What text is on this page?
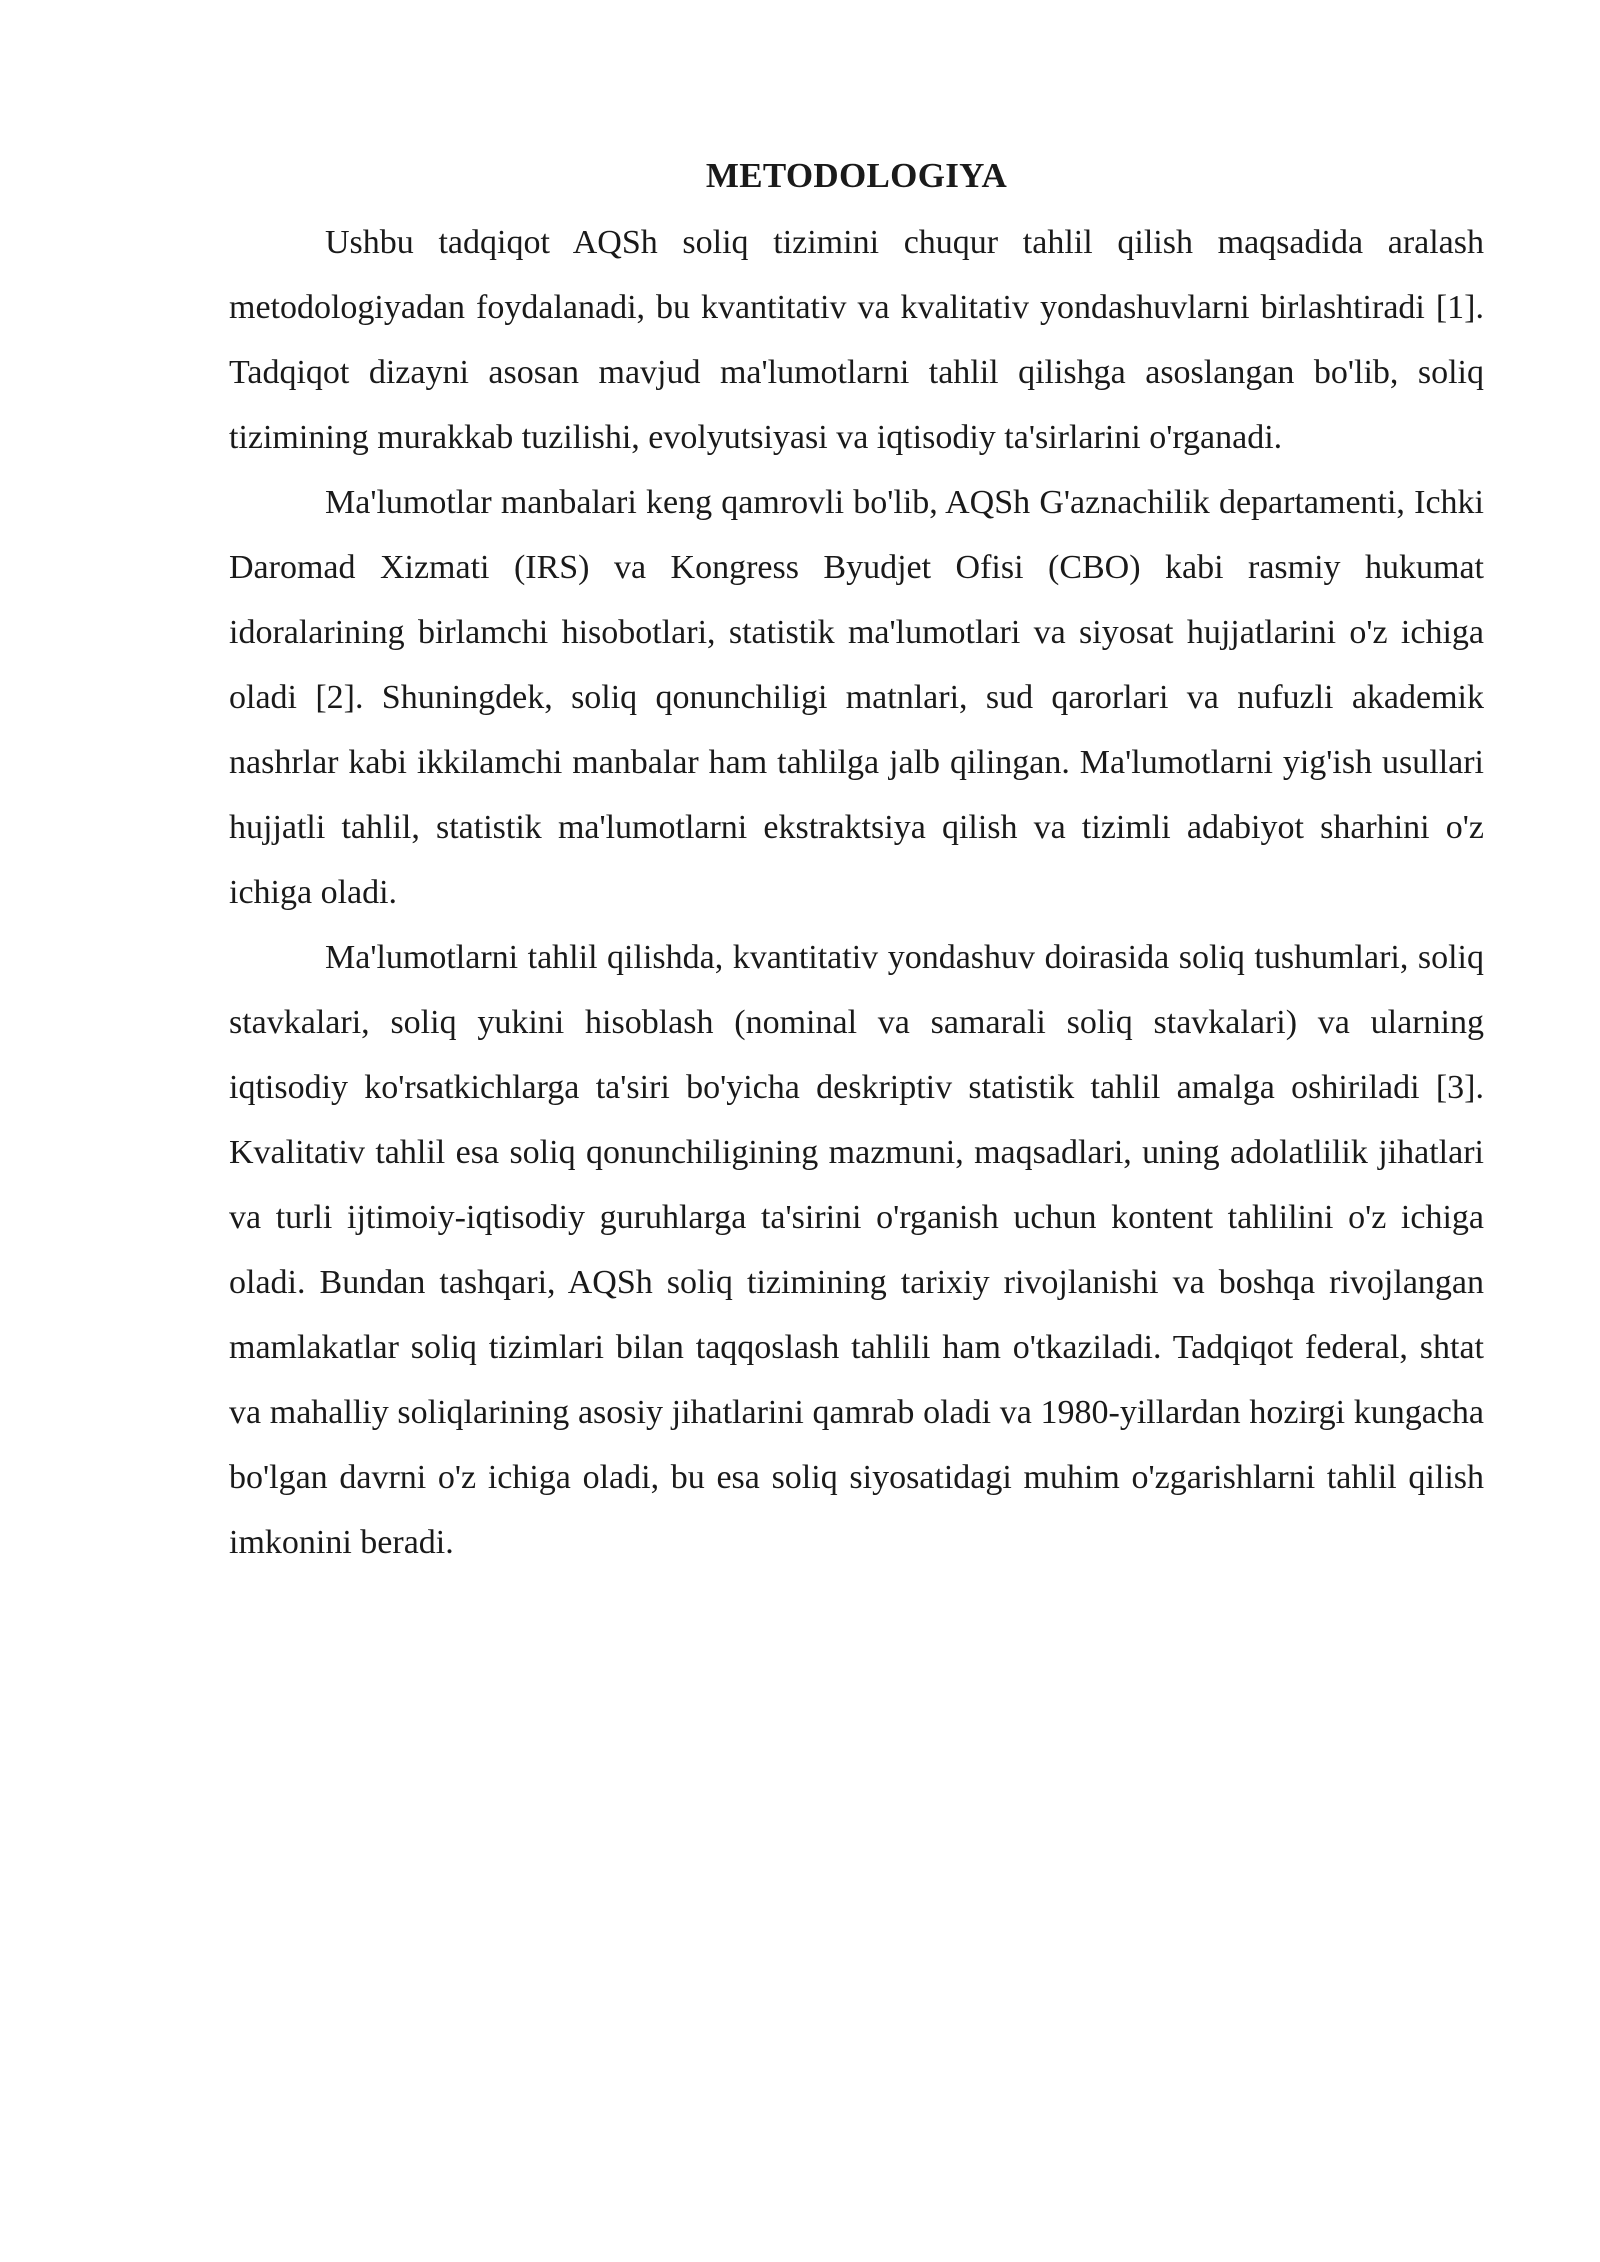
METODOLOGIYA

Ushbu tadqiqot AQSh soliq tizimini chuqur tahlil qilish maqsadida aralash metodologiyadan foydalanadi, bu kvantitativ va kvalitativ yondashuvlarni birlashtiradi [1]. Tadqiqot dizayni asosan mavjud ma'lumotlarni tahlil qilishga asoslangan bo'lib, soliq tizimining murakkab tuzilishi, evolyutsiyasi va iqtisodiy ta'sirlarini o'rganadi.

Ma'lumotlar manbalari keng qamrovli bo'lib, AQSh G'aznachilik departamenti, Ichki Daromad Xizmati (IRS) va Kongress Byudjet Ofisi (CBO) kabi rasmiy hukumat idoralarining birlamchi hisobotlari, statistik ma'lumotlari va siyosat hujjatlarini o'z ichiga oladi [2]. Shuningdek, soliq qonunchiligi matnlari, sud qarorlari va nufuzli akademik nashrlar kabi ikkilamchi manbalar ham tahlilga jalb qilingan. Ma'lumotlarni yig'ish usullari hujjatli tahlil, statistik ma'lumotlarni ekstraktsiya qilish va tizimli adabiyot sharhini o'z ichiga oladi.

Ma'lumotlarni tahlil qilishda, kvantitativ yondashuv doirasida soliq tushumlari, soliq stavkalari, soliq yukini hisoblash (nominal va samarali soliq stavkalari) va ularning iqtisodiy ko'rsatkichlarga ta'siri bo'yicha deskriptiv statistik tahlil amalga oshiriladi [3]. Kvalitativ tahlil esa soliq qonunchiligining mazmuni, maqsadlari, uning adolatlilik jihatlari va turli ijtimoiy-iqtisodiy guruhlarga ta'sirini o'rganish uchun kontent tahlilini o'z ichiga oladi. Bundan tashqari, AQSh soliq tizimining tarixiy rivojlanishi va boshqa rivojlangan mamlakatlar soliq tizimlari bilan taqqoslash tahlili ham o'tkaziladi. Tadqiqot federal, shtat va mahalliy soliqlarining asosiy jihatlarini qamrab oladi va 1980-yillardan hozirgi kungacha bo'lgan davrni o'z ichiga oladi, bu esa soliq siyosatidagi muhim o'zgarishlarni tahlil qilish imkonini beradi.
